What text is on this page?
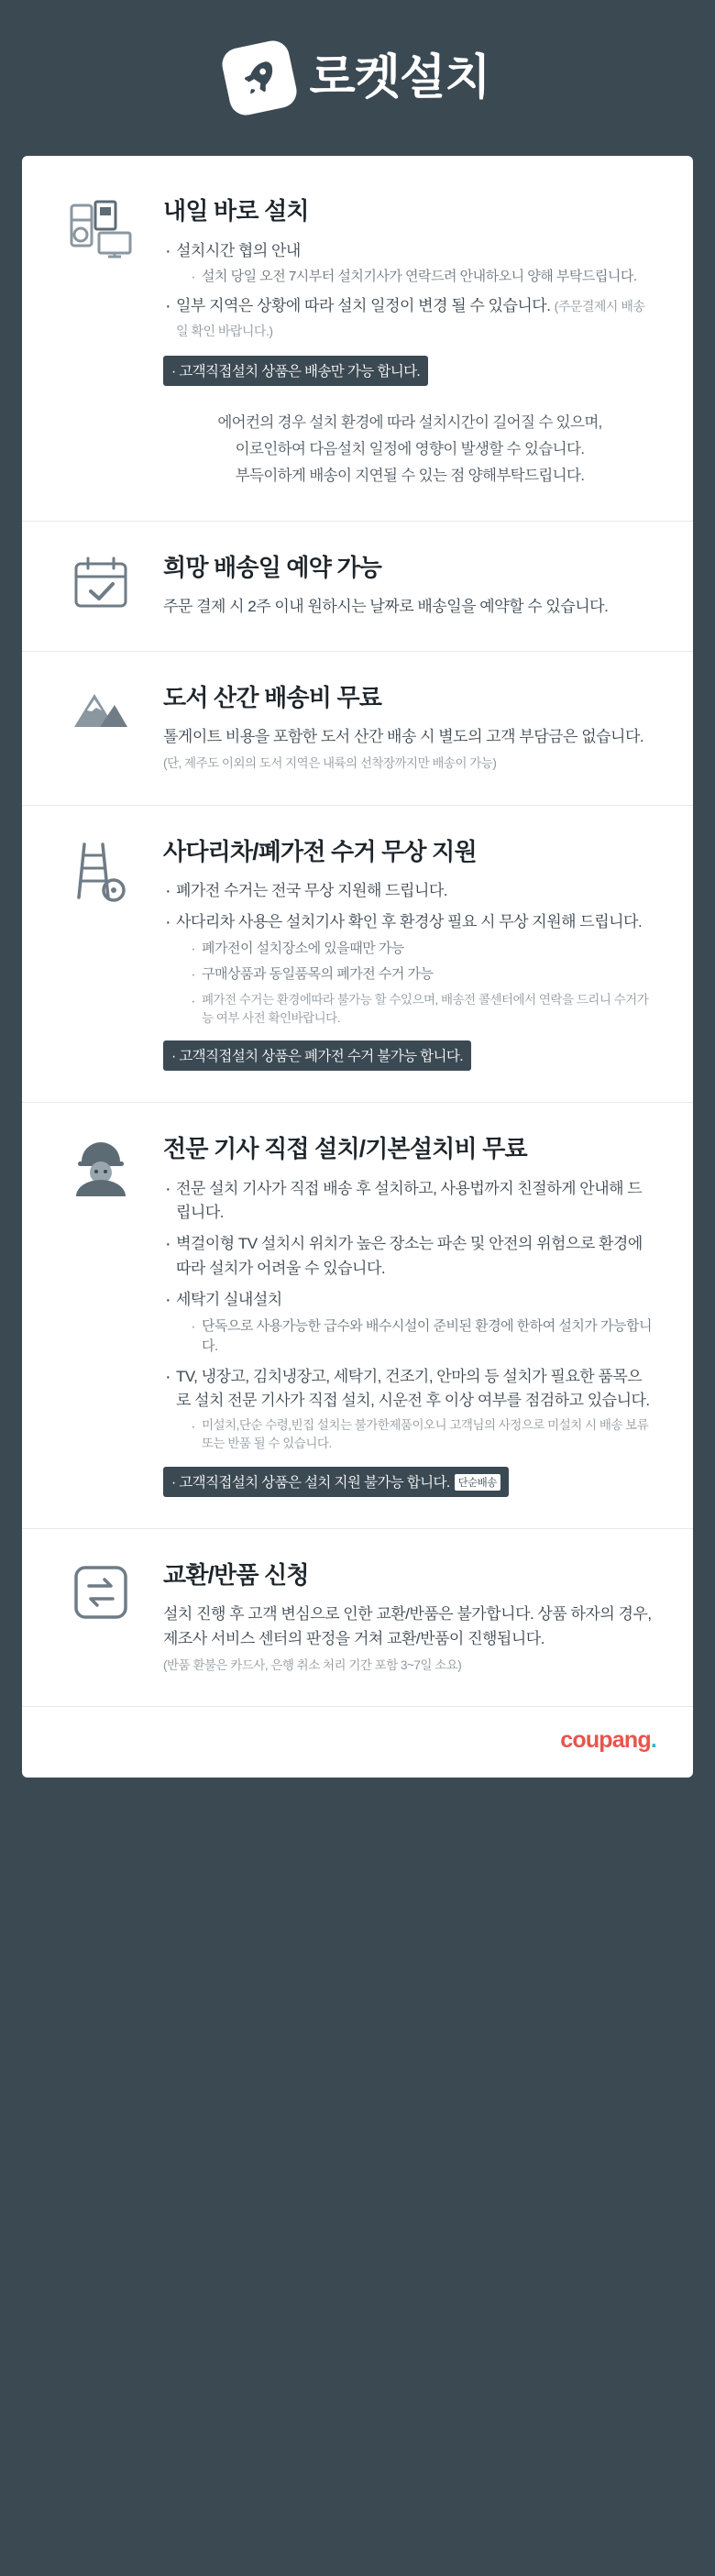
로켓설치
내일 바로 설치
· 설치시간 협의 안내
· 설치 당일 오전 7시부터 설치기사가 연락드려 안내하오니 양해 부탁드립니다.
· 일부 지역은 상황에 따라 설치 일정이 변경 될 수 있습니다. (주문결제시 배송일 확인 바랍니다.)
· 고객직접설치 상품은 배송만 가능 합니다.
에어컨의 경우 설치 환경에 따라 설치시간이 길어질 수 있으며,
이로인하여 다음설치 일정에 영향이 발생할 수 있습니다.
부득이하게 배송이 지연될 수 있는 점 양해부탁드립니다.
희망 배송일 예약 가능

주문 결제 시 2주 이내 원하시는 날짜로 배송일을 예약할 수 있습니다.

도서 산간 배송비 무료

톨게이트 비용을 포함한 도서 산간 배송 시 별도의 고객 부담금은 없습니다.

(단, 제주도 이외의 도서 지역은 내륙의 선착장까지만 배송이 가능)

사다리차/폐가전 수거 무상 지원
· 폐가전 수거는 전국 무상 지원해 드립니다.
· 사다리차 사용은 설치기사 확인 후 환경상 필요 시 무상 지원해 드립니다.
· 폐가전이 설치장소에 있을때만 가능
· 구매상품과 동일품목의 폐가전 수거 가능
· 폐가전 수거는 환경에따라 불가능 할 수있으며, 배송전 콜센터에서 연락을 드리니 수거가능 여부 사전 확인바랍니다.
· 고객직접설치 상품은 폐가전 수거 불가능 합니다.
전문 기사 직접 설치/기본설치비 무료
· 전문 설치 기사가 직접 배송 후 설치하고, 사용법까지 친절하게 안내해 드립니다.
· 벽걸이형 TV 설치시 위치가 높은 장소는 파손 및 안전의 위험으로 환경에 따라 설치가 어려울 수 있습니다.
· 세탁기 실내설치
· 단독으로 사용가능한 급수와 배수시설이 준비된 환경에 한하여 설치가 가능합니다.
· TV, 냉장고, 김치냉장고, 세탁기, 건조기, 안마의 등 설치가 필요한 품목으로 설치 전문 기사가 직접 설치, 시운전 후 이상 여부를 점검하고 있습니다.
· 미설치,단순 수령,빈집 설치는 불가한제품이오니 고객님의 사정으로 미설치 시 배송 보류 또는 반품 될 수 있습니다.
· 고객직접설치 상품은 설치 지원 불가능 합니다. 단순배송
교환/반품 신청

설치 진행 후 고객 변심으로 인한 교환/반품은 불가합니다. 상품 하자의 경우, 제조사 서비스 센터의 판정을 거쳐 교환/반품이 진행됩니다.

(반품 환불은 카드사, 은행 취소 처리 기간 포함 3~7일 소요)

coupang.
